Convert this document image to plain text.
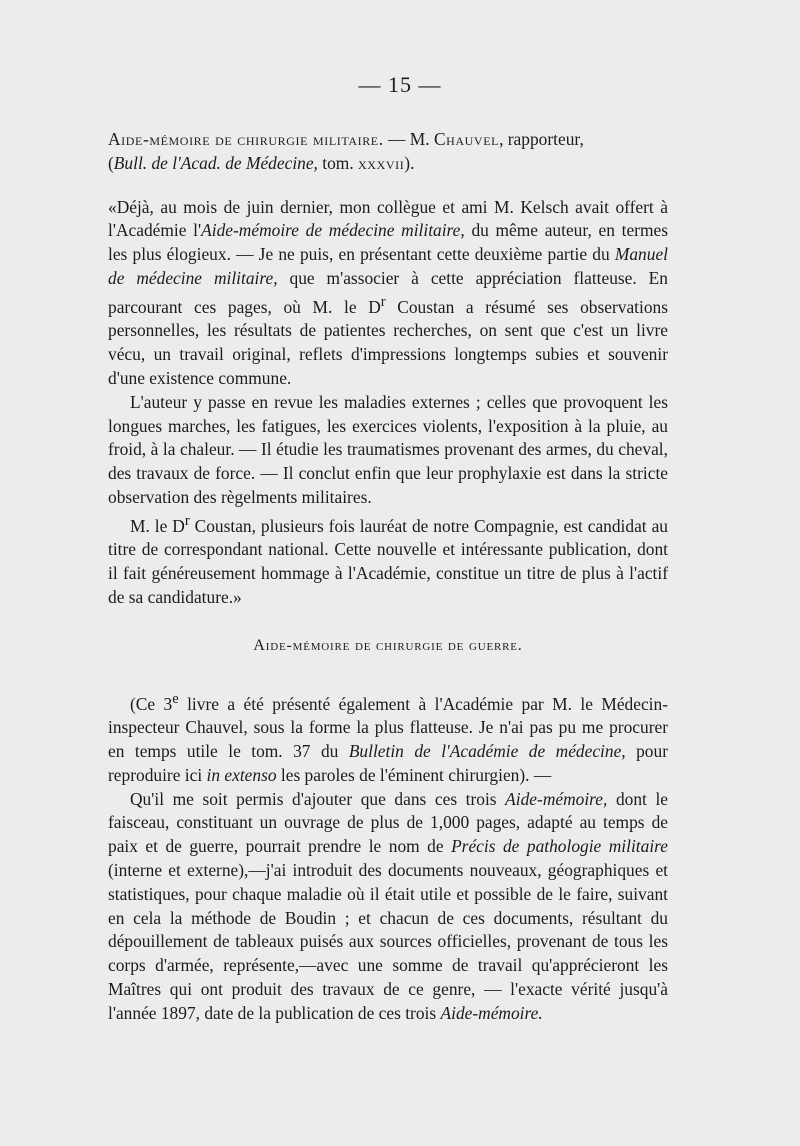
— 15 —

Aide-mémoire de chirurgie militaire. — M. Chauvel, rapporteur,

(Bull. de l'Acad. de Médecine, tom. xxxvii).

«Déjà, au mois de juin dernier, mon collègue et ami M. Kelsch avait offert à l'Académie l'Aide-mémoire de médecine militaire, du même auteur, en termes les plus élogieux. — Je ne puis, en présentant cette deuxième partie du Manuel de médecine militaire, que m'associer à cette appréciation flatteuse. En parcourant ces pages, où M. le $D^r$ Coustan a résumé ses observations personnelles, les résultats de patientes recherches, on sent que c'est un livre vécu, un travail original, reflets d'impressions longtemps subies et souvenir d'une existence commune.

L'auteur y passe en revue les maladies externes ; celles que provoquent les longues marches, les fatigues, les exercices violents, l'exposition à la pluie, au froid, à la chaleur. — Il étudie les traumatismes provenant des armes, du cheval, des travaux de force. — Il conclut enfin que leur prophylaxie est dans la stricte observation des règelments militaires.

M. le $D^r$ Coustan, plusieurs fois lauréat de notre Compagnie, est candidat au titre de correspondant national. Cette nouvelle et intéressante publication, dont il fait généreusement hommage à l'Académie, constitue un titre de plus à l'actif de sa candidature.»

Aide-mémoire de chirurgie de guerre.

(Ce 3e livre a été présenté également à l'Académie par M. le Médecin-inspecteur Chauvel, sous la forme la plus flatteuse. Je n'ai pas pu me procurer en temps utile le tom. 37 du Bulletin de l'Académie de médecine, pour reproduire ici in extenso les paroles de l'éminent chirurgien). —

Qu'il me soit permis d'ajouter que dans ces trois Aide-mémoire, dont le faisceau, constituant un ouvrage de plus de 1,000 pages, adapté au temps de paix et de guerre, pourrait prendre le nom de Précis de pathologie militaire (interne et externe),—j'ai introduit des documents nouveaux, géographiques et statistiques, pour chaque maladie où il était utile et possible de le faire, suivant en cela la méthode de Boudin ; et chacun de ces documents, résultant du dépouillement de tableaux puisés aux sources officielles, provenant de tous les corps d'armée, représente,—avec une somme de travail qu'apprécieront les Maîtres qui ont produit des travaux de ce genre, — l'exacte vérité jusqu'à l'année 1897, date de la publication de ces trois Aide-mémoire.
